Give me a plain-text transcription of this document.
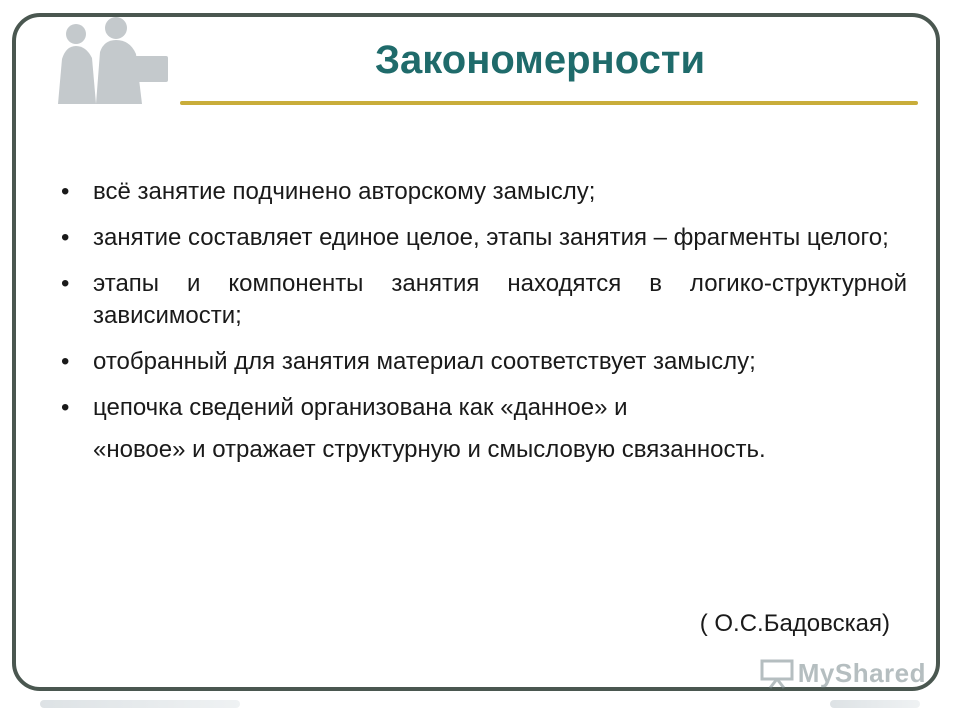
Закономерности
• всё занятие подчинено авторскому замыслу;
• занятие составляет единое целое, этапы занятия – фрагменты целого;
• этапы и компоненты занятия находятся в логико-структурной зависимости;
• отобранный для занятия материал соответствует замыслу;
• цепочка сведений организована как «данное» и
«новое» и отражает структурную и смысловую связанность.
( О.С.Бадовская)
MyShared
